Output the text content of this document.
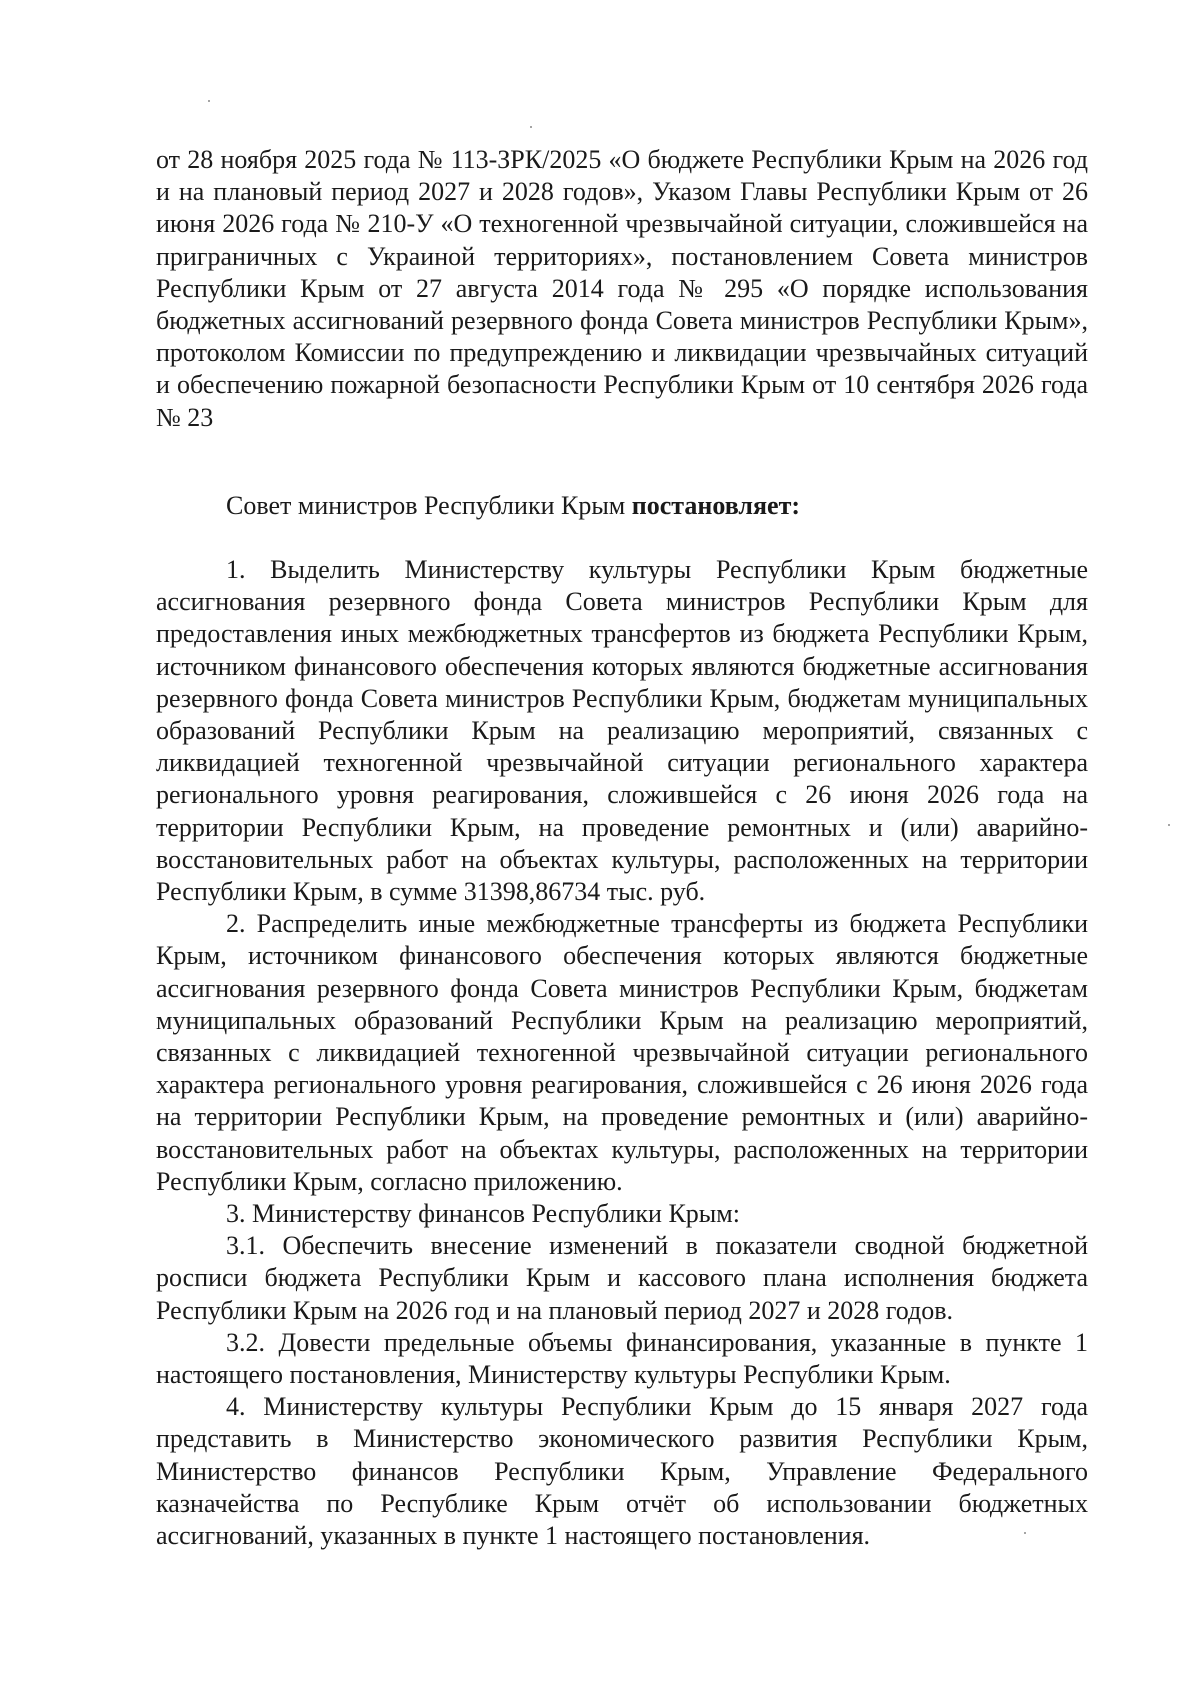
от 28 ноября 2025 года № 113-ЗРК/2025 «О бюджете Республики Крым на 2026 год и на плановый период 2027 и 2028 годов», Указом Главы Республики Крым от 26 июня 2026 года № 210-У «О техногенной чрезвычайной ситуации, сложившейся на приграничных с Украиной территориях», постановлением Совета министров Республики Крым от 27 августа 2014 года № 295 «О порядке использования бюджетных ассигнований резервного фонда Совета министров Республики Крым», протоколом Комиссии по предупреждению и ликвидации чрезвычайных ситуаций и обеспечению пожарной безопасности Республики Крым от 10 сентября 2026 года № 23

Совет министров Республики Крым постановляет:

1. Выделить Министерству культуры Республики Крым бюджетные ассигнования резервного фонда Совета министров Республики Крым для предоставления иных межбюджетных трансфертов из бюджета Республики Крым, источником финансового обеспечения которых являются бюджетные ассигнования резервного фонда Совета министров Республики Крым, бюджетам муниципальных образований Республики Крым на реализацию мероприятий, связанных с ликвидацией техногенной чрезвычайной ситуации регионального характера регионального уровня реагирования, сложившейся с 26 июня 2026 года на территории Республики Крым, на проведение ремонтных и (или) аварийно-восстановительных работ на объектах культуры, расположенных на территории Республики Крым, в сумме 31398,86734 тыс. руб.

2. Распределить иные межбюджетные трансферты из бюджета Республики Крым, источником финансового обеспечения которых являются бюджетные ассигнования резервного фонда Совета министров Республики Крым, бюджетам муниципальных образований Республики Крым на реализацию мероприятий, связанных с ликвидацией техногенной чрезвычайной ситуации регионального характера регионального уровня реагирования, сложившейся с 26 июня 2026 года на территории Республики Крым, на проведение ремонтных и (или) аварийно-восстановительных работ на объектах культуры, расположенных на территории Республики Крым, согласно приложению.

3. Министерству финансов Республики Крым:

3.1. Обеспечить внесение изменений в показатели сводной бюджетной росписи бюджета Республики Крым и кассового плана исполнения бюджета Республики Крым на 2026 год и на плановый период 2027 и 2028 годов.

3.2. Довести предельные объемы финансирования, указанные в пункте 1 настоящего постановления, Министерству культуры Республики Крым.

4. Министерству культуры Республики Крым до 15 января 2027 года представить в Министерство экономического развития Республики Крым, Министерство финансов Республики Крым, Управление Федерального казначейства по Республике Крым отчёт об использовании бюджетных ассигнований, указанных в пункте 1 настоящего постановления.
